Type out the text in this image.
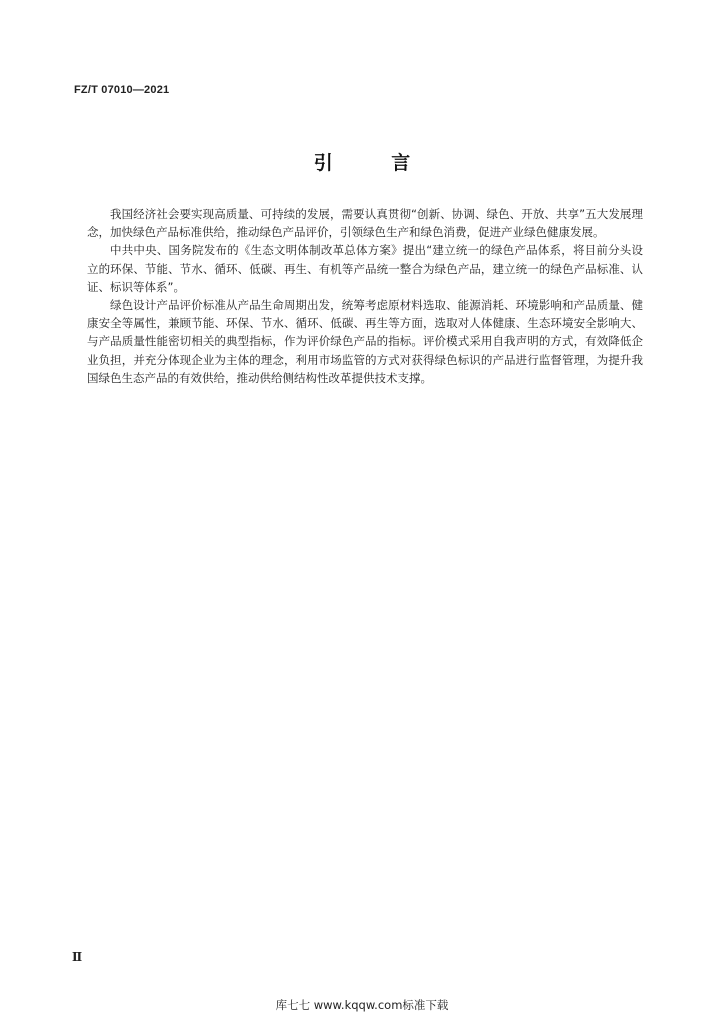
FZ/T 07010—2021
引 言

我国经济社会要实现高质量、可持续的发展，需要认真贯彻“创新、协调、绿色、开放、共享”五大发展理念，加快绿色产品标准供给，推动绿色产品评价，引领绿色生产和绿色消费，促进产业绿色健康发展。

中共中央、国务院发布的《生态文明体制改革总体方案》提出“建立统一的绿色产品体系，将目前分头设立的环保、节能、节水、循环、低碳、再生、有机等产品统一整合为绿色产品，建立统一的绿色产品标准、认证、标识等体系”。

绿色设计产品评价标准从产品生命周期出发，统筹考虑原材料选取、能源消耗、环境影响和产品质量、健康安全等属性，兼顾节能、环保、节水、循环、低碳、再生等方面，选取对人体健康、生态环境安全影响大、与产品质量性能密切相关的典型指标，作为评价绿色产品的指标。评价模式采用自我声明的方式，有效降低企业负担，并充分体现企业为主体的理念，利用市场监管的方式对获得绿色标识的产品进行监督管理，为提升我国绿色生态产品的有效供给，推动供给侧结构性改革提供技术支撑。

Ⅱ
库七七 www.kqqw.com标准下载
